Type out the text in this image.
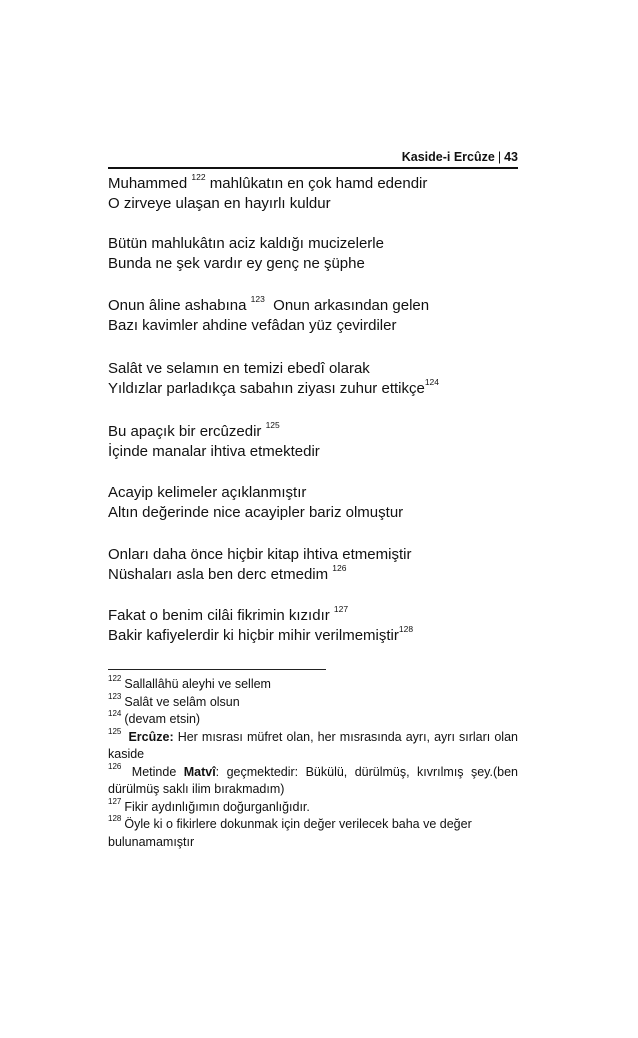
Kaside-i Ercûze | 43
Muhammed $^{122}$ mahlûkatın en çok hamd edendir
O zirveye ulaşan en hayırlı kuldur
Bütün mahlukâtın aciz kaldığı mucizelerle
Bunda ne şek vardır ey genç ne şüphe
Onun âline ashabına $^{123}$ Onun arkasından gelen
Bazı kavimler ahdine vefâdan yüz çevirdiler
Salât ve selamın en temizi ebedî olarak
Yıldızlar parladıkça sabahın ziyası zuhur ettikçe$^{124}$
Bu apaçık bir ercûzedir $^{125}$
İçinde manalar ihtiva etmektedir
Acayip kelimeler açıklanmıştır
Altın değerinde nice acayipler bariz olmuştur
Onları daha önce hiçbir kitap ihtiva etmemiştir
Nüshaları asla ben derc etmedim $^{126}$
Fakat o benim cilâi fikrimin kızıdır $^{127}$
Bakir kafiyelerdir ki hiçbir mihir verilmemiştir$^{128}$
$^{122}$ Sallallâhü aleyhi ve sellem
$^{123}$ Salât ve selâm olsun
$^{124}$ (devam etsin)
$^{125}$ Ercûze: Her mısrası müfret olan, her mısrasında ayrı, ayrı sırları olan kaside
$^{126}$ Metinde Matvî: geçmektedir: Bükülü, dürülmüş, kıvrılmış şey.(ben dürülmüş saklı ilim bırakmadım)
$^{127}$ Fikir aydınlığımın doğurganlığıdır.
$^{128}$ Öyle ki o fikirlere dokunmak için değer verilecek baha ve değer bulunamamıştır
